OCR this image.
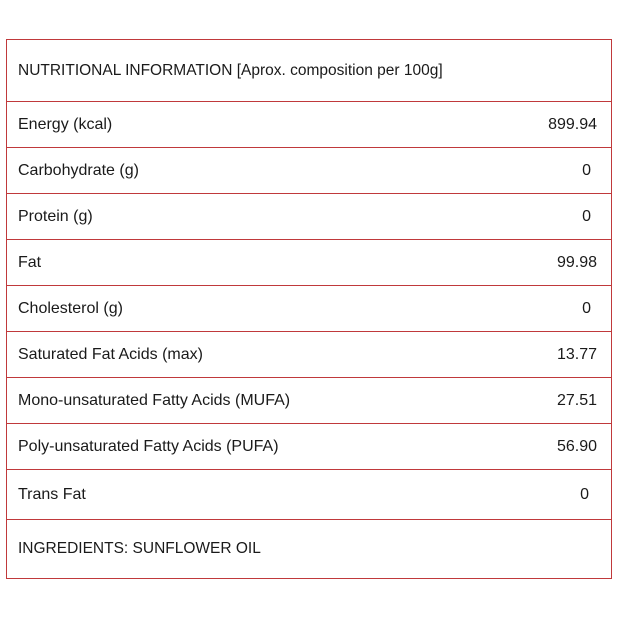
NUTRITIONAL INFORMATION [Aprox. composition per 100g]
Energy (kcal)	899.94
Carbohydrate (g)	0
Protein (g)	0
Fat	99.98
Cholesterol (g)	0
Saturated Fat Acids (max)	13.77
Mono-unsaturated Fatty Acids (MUFA)	27.51
Poly-unsaturated Fatty Acids (PUFA)	56.90
Trans Fat	0
INGREDIENTS: SUNFLOWER OIL
